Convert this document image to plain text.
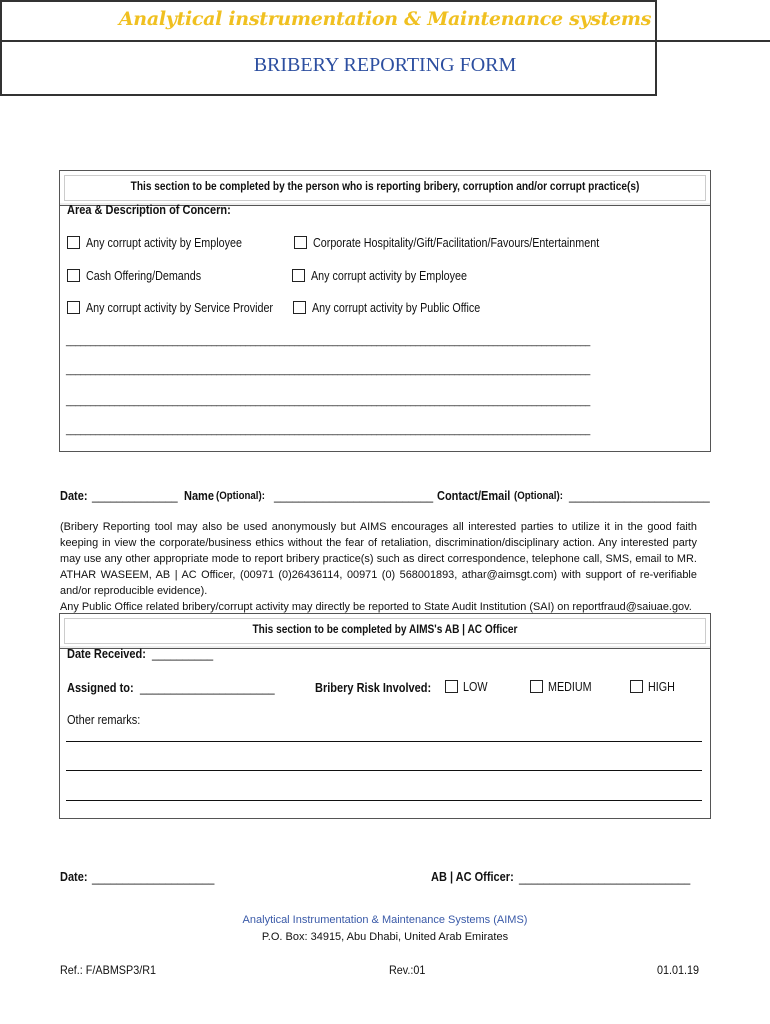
Analytical instrumentation & Maintenance systems
BRIBERY REPORTING FORM
This section to be completed by the person who is reporting bribery, corruption and/or corrupt practice(s)
Area & Description of Concern:
Any corrupt activity by Employee	Corporate Hospitality/Gift/Facilitation/Favours/Entertainment
Cash Offering/Demands	Any corrupt activity by Employee
Any corrupt activity by Service Provider	Any corrupt activity by Public Office
____________________________________________________________________________________________________________
____________________________________________________________________________________________________________
____________________________________________________________________________________________________________
____________________________________________________________________________________________________________
Date: ______________ Name (Optional): __________________________ Contact/Email (Optional): _______________________
(Bribery Reporting tool may also be used anonymously but AIMS encourages all interested parties to utilize it in the good faith keeping in view the corporate/business ethics without the fear of retaliation, discrimination/disciplinary action. Any interested party may use any other appropriate mode to report bribery practice(s) such as direct correspondence, telephone call, SMS, email to MR. ATHAR WASEEM, AB | AC Officer, (00971 (0)26436114, 00971 (0) 568001893, athar@aimsgt.com) with support of re-verifiable and/or reproducible evidence).
Any Public Office related bribery/corrupt activity may directly be reported to State Audit Institution (SAI) on reportfraud@saiuae.gov.
This section to be completed by AIMS's AB | AC Officer
Date Received: __________
Assigned to: ______________________	Bribery Risk Involved:	LOW	MEDIUM	HIGH
Other remarks:
Date: ____________________	AB | AC Officer: ____________________________
Analytical Instrumentation & Maintenance Systems (AIMS)
P.O. Box: 34915, Abu Dhabi, United Arab Emirates
Ref.: F/ABMSP3/R1	Rev.:01	01.01.19
